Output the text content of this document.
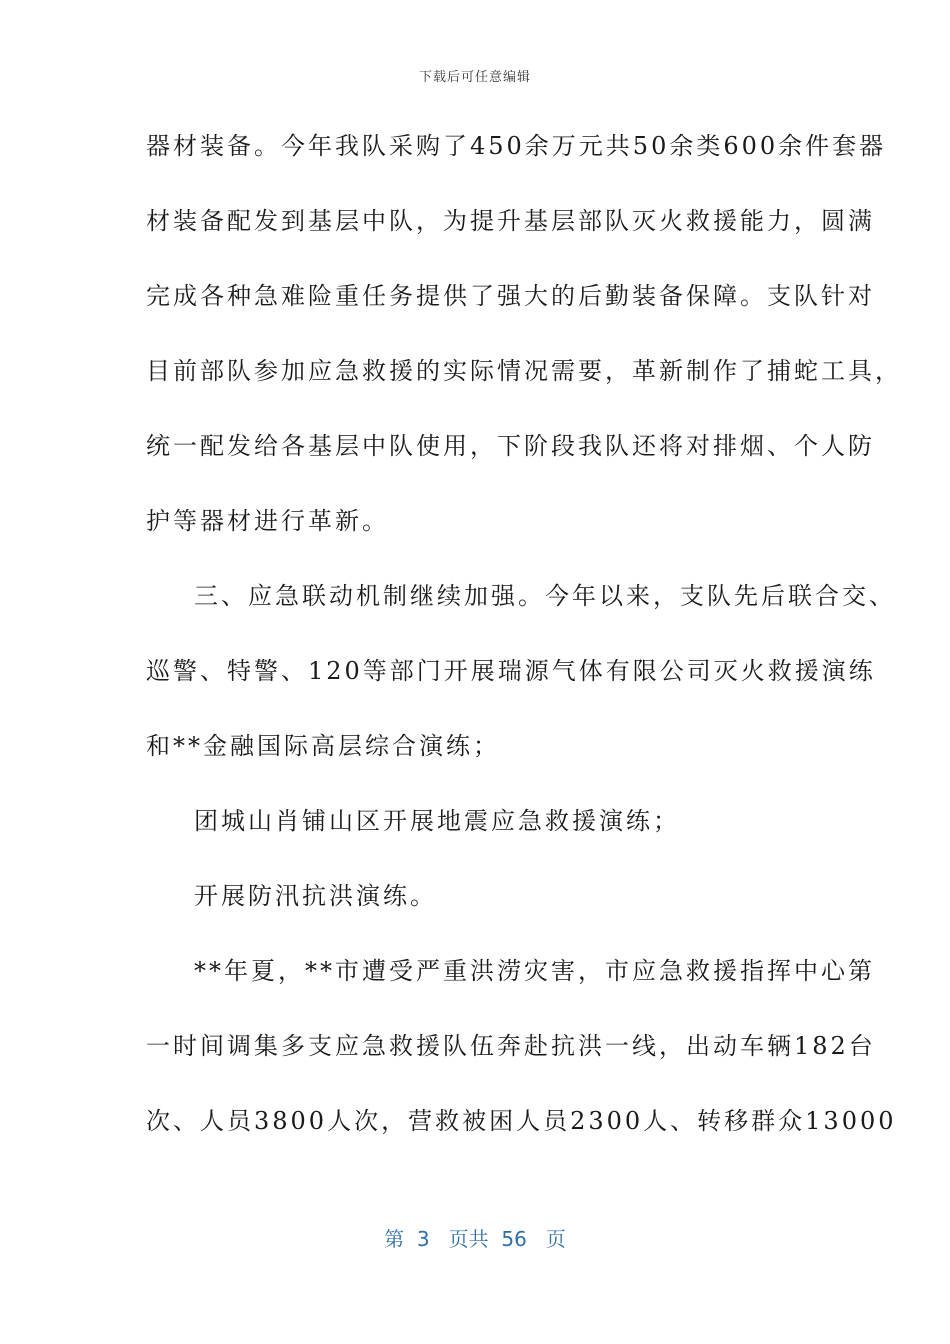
下载后可任意编辑
器材装备。今年我队采购了450余万元共50余类600余件套器
材装备配发到基层中队，为提升基层部队灭火救援能力，圆满
完成各种急难险重任务提供了强大的后勤装备保障。支队针对
目前部队参加应急救援的实际情况需要，革新制作了捕蛇工具，
统一配发给各基层中队使用，下阶段我队还将对排烟、个人防
护等器材进行革新。
三、应急联动机制继续加强。今年以来，支队先后联合交、
巡警、特警、120等部门开展瑞源气体有限公司灭火救援演练
和**金融国际高层综合演练；
团城山肖铺山区开展地震应急救援演练；
开展防汛抗洪演练。
**年夏，**市遭受严重洪涝灾害，市应急救援指挥中心第
一时间调集多支应急救援队伍奔赴抗洪一线，出动车辆182台
次、人员3800人次，营救被困人员2300人、转移群众13000
第  3   页共  56   页
